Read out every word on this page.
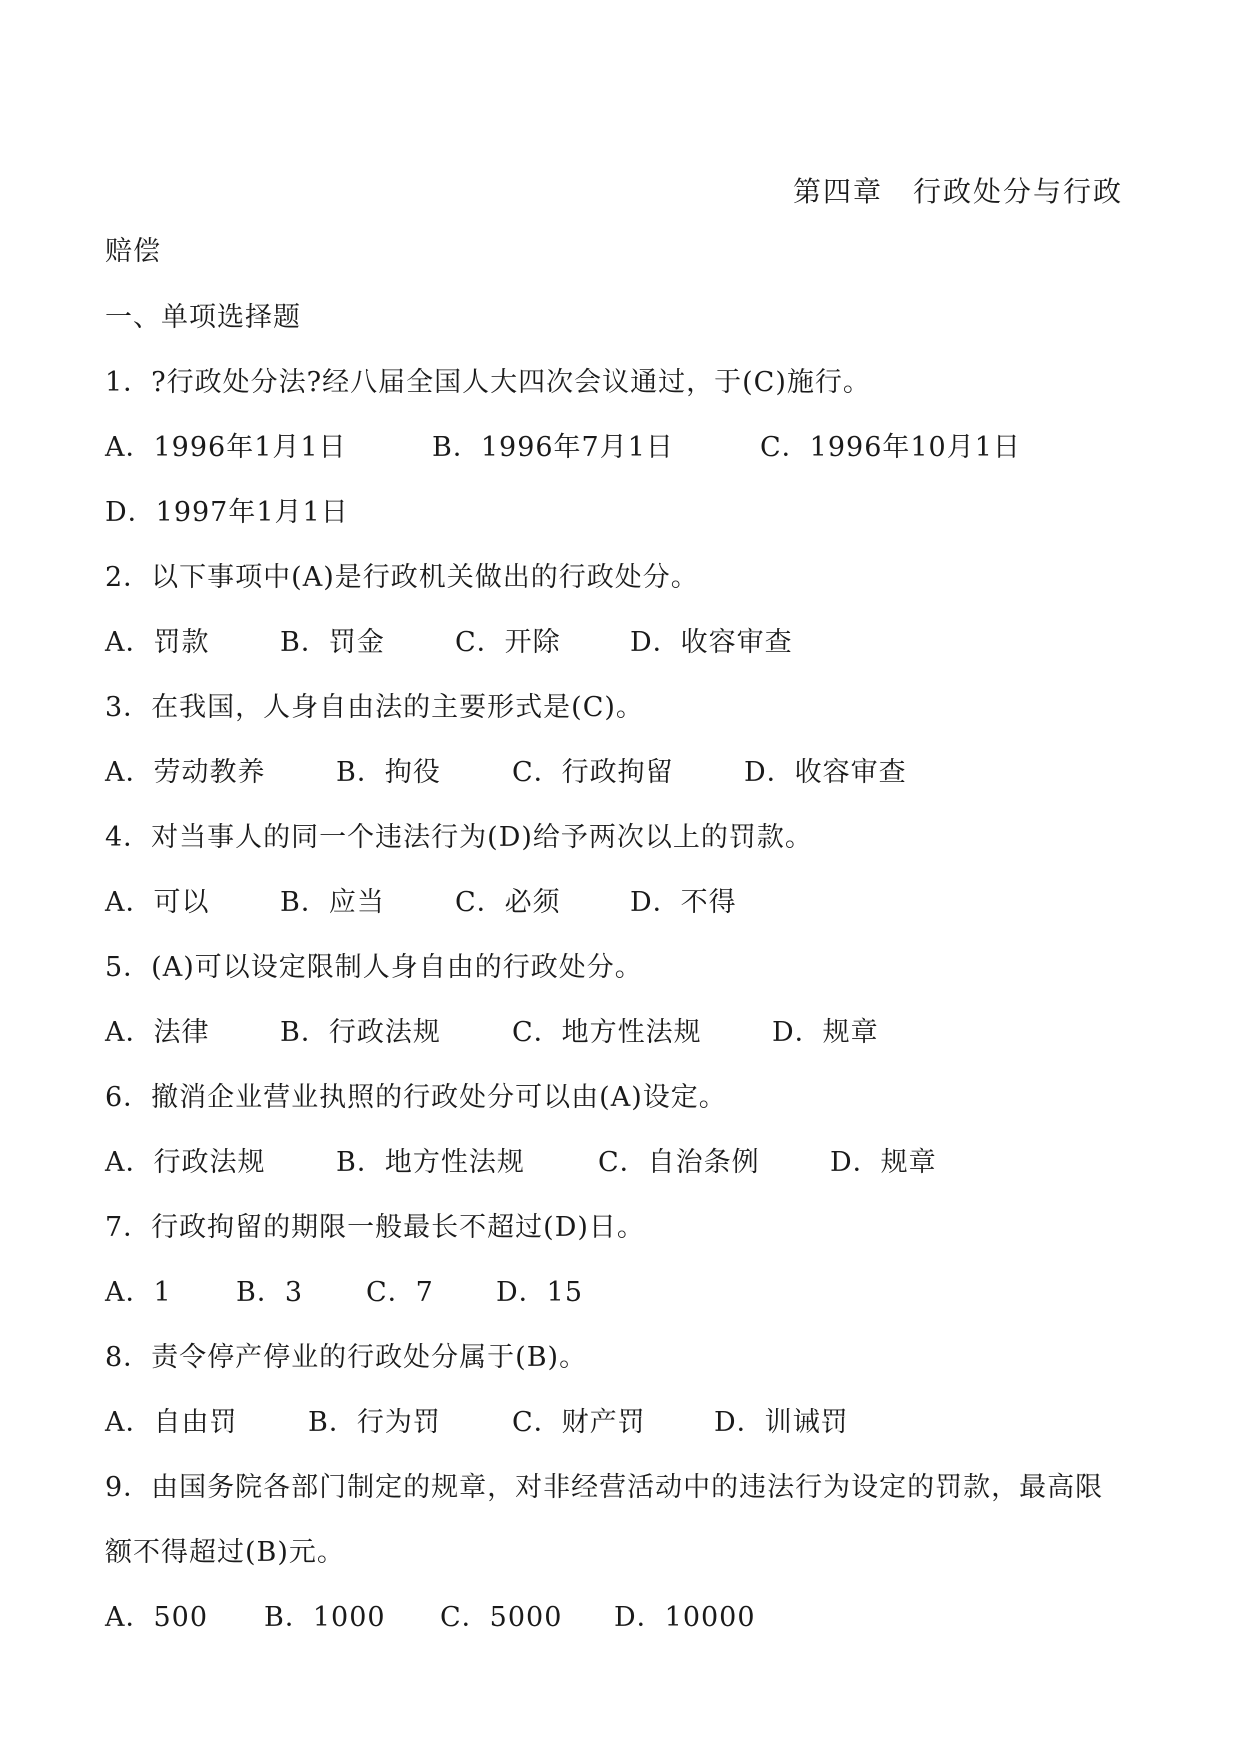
第四章　行政处分与行政
赔偿
一、单项选择题
1．?行政处分法?经八届全国人大四次会议通过，于(C)施行。
A．1996年1月1日	B．1996年7月1日	C．1996年10月1日
D．1997年1月1日
2．以下事项中(A)是行政机关做出的行政处分。
A．罚款	B．罚金	C．开除	D．收容审查
3．在我国，人身自由法的主要形式是(C)。
A．劳动教养	B．拘役	C．行政拘留	D．收容审查
4．对当事人的同一个违法行为(D)给予两次以上的罚款。
A．可以	B．应当	C．必须	D．不得
5．(A)可以设定限制人身自由的行政处分。
A．法律	B．行政法规	C．地方性法规	D．规章
6．撤消企业营业执照的行政处分可以由(A)设定。
A．行政法规	B．地方性法规	C．自治条例	D．规章
7．行政拘留的期限一般最长不超过(D)日。
A．1 B．3 C．7 D．15
8．责令停产停业的行政处分属于(B)。
A．自由罚	B．行为罚	C．财产罚	D．训诫罚
9．由国务院各部门制定的规章，对非经营活动中的违法行为设定的罚款，最高限
额不得超过(B)元。
A．500 B．1000 C．5000 D．10000
